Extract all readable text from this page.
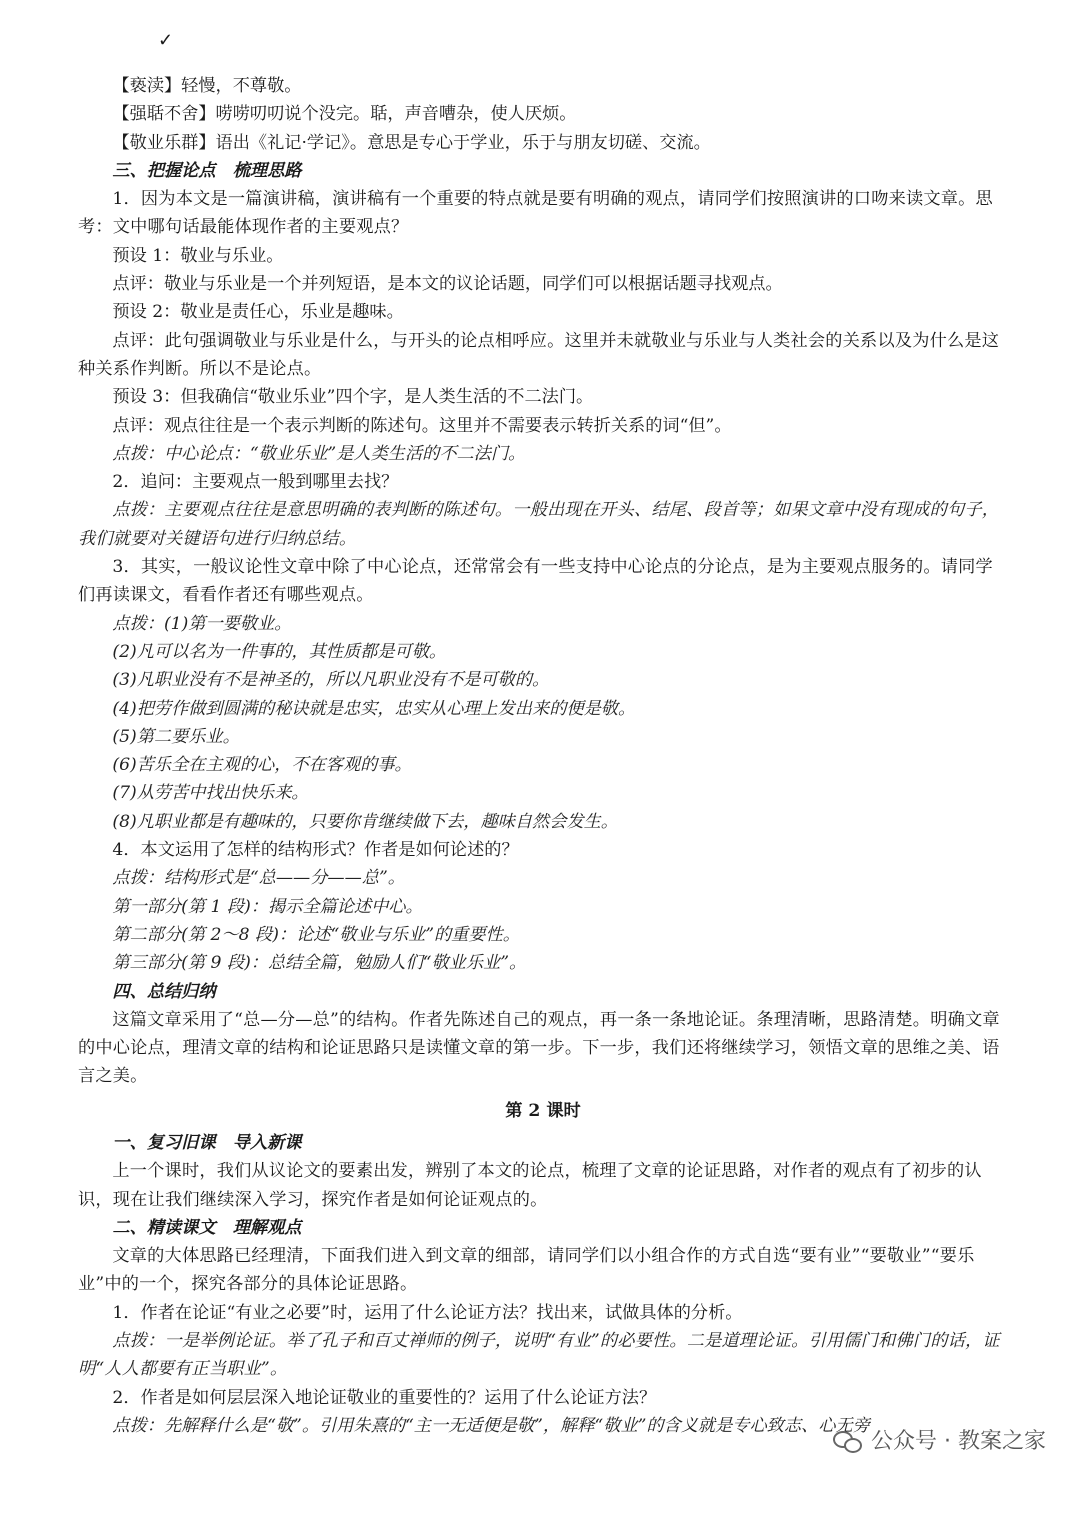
✓

【亵渎】轻慢，不尊敬。

【强聒不舍】唠唠叨叨说个没完。聒，声音嘈杂，使人厌烦。

【敬业乐群】语出《礼记·学记》。意思是专心于学业，乐于与朋友切磋、交流。

三、把握论点　梳理思路

1．因为本文是一篇演讲稿，演讲稿有一个重要的特点就是要有明确的观点，请同学们按照演讲的口吻来读文章。思考：文中哪句话最能体现作者的主要观点？

预设 1：敬业与乐业。

点评：敬业与乐业是一个并列短语，是本文的议论话题，同学们可以根据话题寻找观点。

预设 2：敬业是责任心，乐业是趣味。

点评：此句强调敬业与乐业是什么，与开头的论点相呼应。这里并未就敬业与乐业与人类社会的关系以及为什么是这种关系作判断。所以不是论点。

预设 3：但我确信“敬业乐业”四个字，是人类生活的不二法门。

点评：观点往往是一个表示判断的陈述句。这里并不需要表示转折关系的词“但”。

点拨：中心论点：“敬业乐业”是人类生活的不二法门。

2．追问：主要观点一般到哪里去找？

点拨：主要观点往往是意思明确的表判断的陈述句。一般出现在开头、结尾、段首等；如果文章中没有现成的句子，我们就要对关键语句进行归纳总结。

3．其实，一般议论性文章中除了中心论点，还常常会有一些支持中心论点的分论点，是为主要观点服务的。请同学们再读课文，看看作者还有哪些观点。

点拨：(1)第一要敬业。

(2)凡可以名为一件事的，其性质都是可敬。

(3)凡职业没有不是神圣的，所以凡职业没有不是可敬的。

(4)把劳作做到圆满的秘诀就是忠实，忠实从心理上发出来的便是敬。

(5)第二要乐业。

(6)苦乐全在主观的心，不在客观的事。

(7)从劳苦中找出快乐来。

(8)凡职业都是有趣味的，只要你肯继续做下去，趣味自然会发生。

4．本文运用了怎样的结构形式？作者是如何论述的？

点拨：结构形式是“总——分——总”。

第一部分(第 1 段)：揭示全篇论述中心。

第二部分(第 2～8 段)：论述“敬业与乐业”的重要性。

第三部分(第 9 段)：总结全篇，勉励人们“敬业乐业”。

四、总结归纳

这篇文章采用了“总—分—总”的结构。作者先陈述自己的观点，再一条一条地论证。条理清晰，思路清楚。明确文章的中心论点，理清文章的结构和论证思路只是读懂文章的第一步。下一步，我们还将继续学习，领悟文章的思维之美、语言之美。

第 2 课时

一、复习旧课　导入新课

上一个课时，我们从议论文的要素出发，辨别了本文的论点，梳理了文章的论证思路，对作者的观点有了初步的认识，现在让我们继续深入学习，探究作者是如何论证观点的。

二、精读课文　理解观点

文章的大体思路已经理清，下面我们进入到文章的细部，请同学们以小组合作的方式自选“要有业”“要敬业”“要乐业”中的一个，探究各部分的具体论证思路。

1．作者在论证“有业之必要”时，运用了什么论证方法？找出来，试做具体的分析。

点拨：一是举例论证。举了孔子和百丈禅师的例子，说明“有业”的必要性。二是道理论证。引用儒门和佛门的话，证明“人人都要有正当职业”。

2．作者是如何层层深入地论证敬业的重要性的？运用了什么论证方法？

点拨：先解释什么是“敬”。引用朱熹的“主一无适便是敬”，解释“敬业”的含义就是专心致志、心无旁

公众号 · 教案之家
